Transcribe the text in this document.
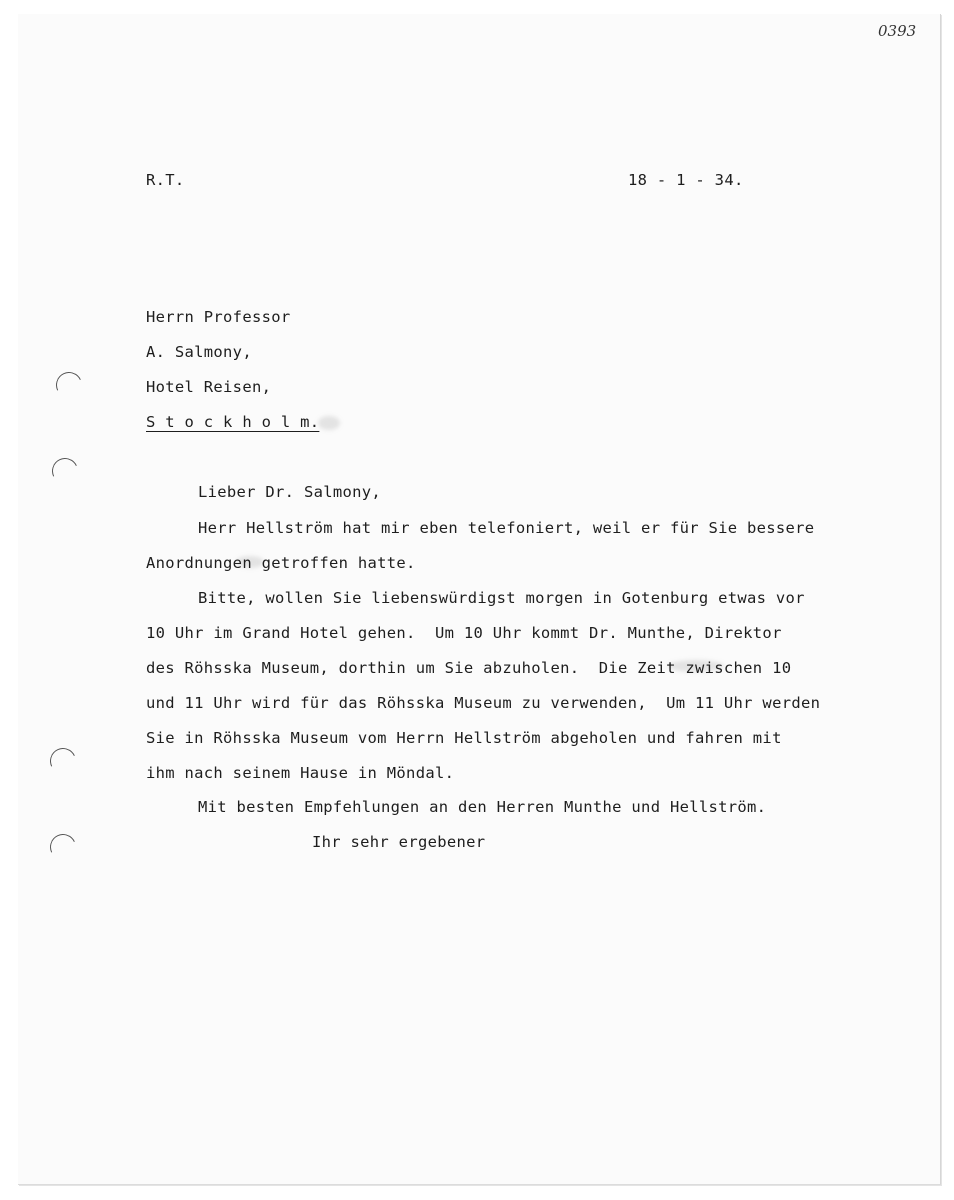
0393

R.T.	18 - 1 - 34.

Herrn Professor

A. Salmony,

Hotel Reisen,

S t o c k h o l m.

Lieber Dr. Salmony,

Herr Hellström hat mir eben telefoniert, weil er für Sie bessere

Anordnungen getroffen hatte.

Bitte, wollen Sie liebenswürdigst morgen in Gotenburg etwas vor

10 Uhr im Grand Hotel gehen.  Um 10 Uhr kommt Dr. Munthe, Direktor

des Röhsska Museum, dorthin um Sie abzuholen.  Die Zeit zwischen 10

und 11 Uhr wird für das Röhsska Museum zu verwenden,  Um 11 Uhr werden

Sie in Röhsska Museum vom Herrn Hellström abgeholen und fahren mit

ihm nach seinem Hause in Möndal.

Mit besten Empfehlungen an den Herren Munthe und Hellström.

Ihr sehr ergebener
